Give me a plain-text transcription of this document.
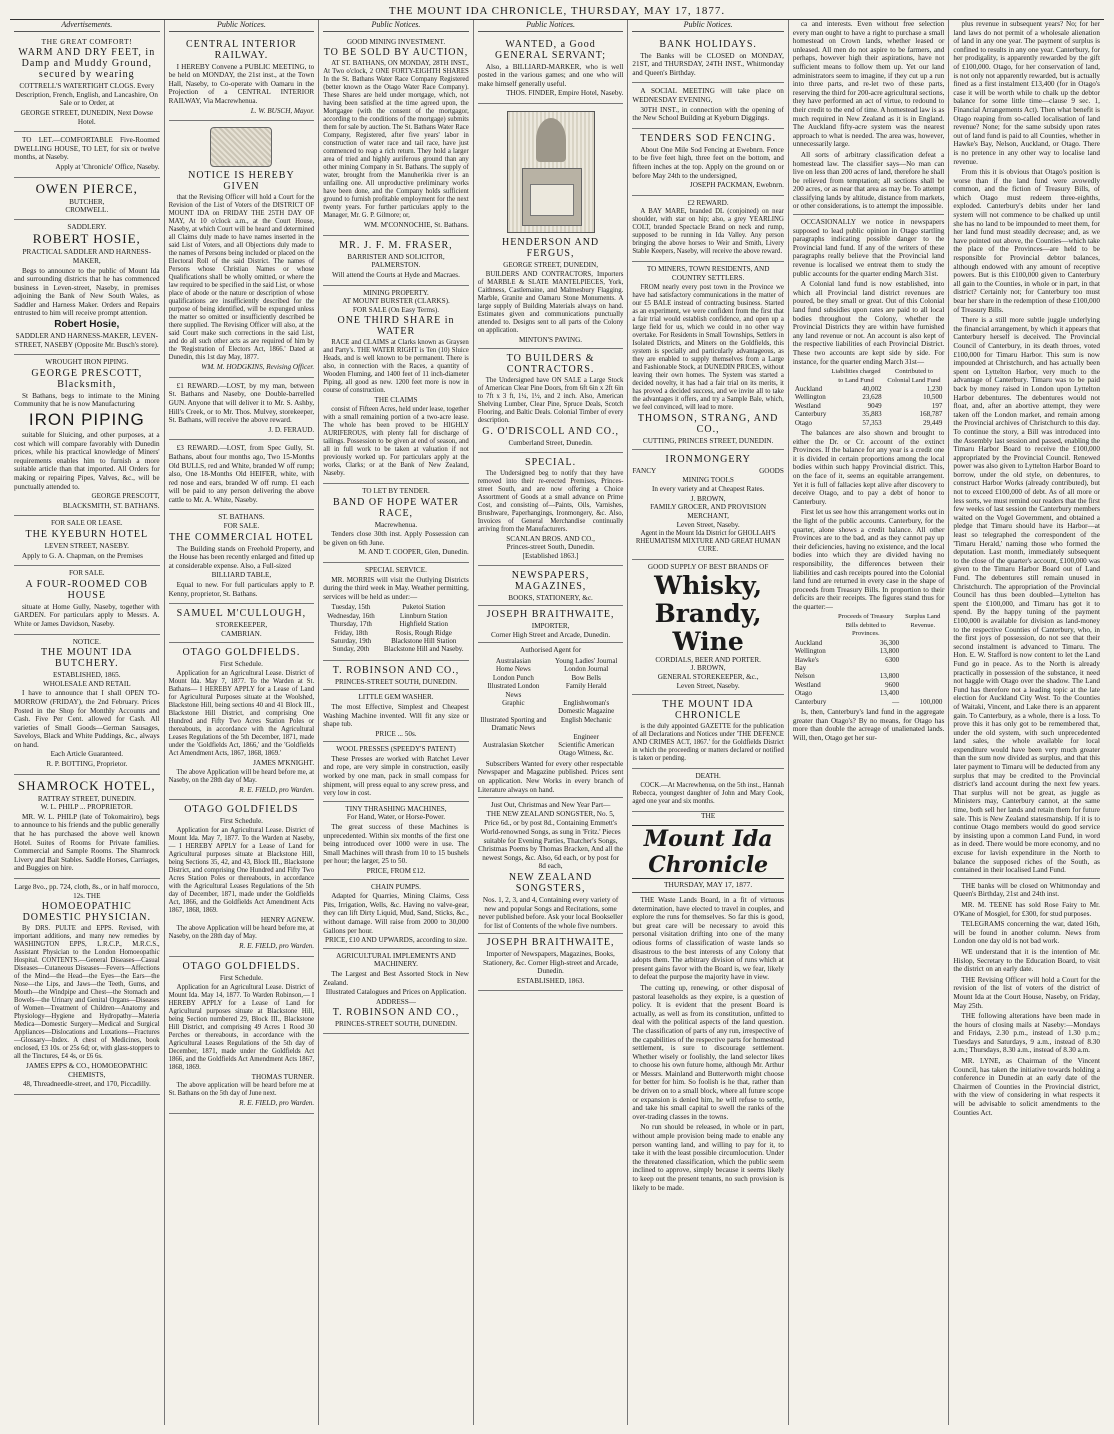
THE MOUNT IDA CHRONICLE, THURSDAY, MAY 17, 1877.
Advertisements.
THE GREAT COMFORT!
WARM AND DRY FEET, in Damp and Muddy Ground, secured by wearing

COTTRELL'S WATERTIGHT CLOGS. Every Description, French, English, and Lancashire, On Sale or to Order, at

GEORGE STREET, DUNEDIN, Next Dowse Hotel.

TO LET.—COMFORTABLE Five-Roomed DWELLING HOUSE, TO LET, for six or twelve months, at Naseby.

Apply at 'Chronicle' Office, Naseby.

OWEN PIERCE,
BUTCHER,
CROMWELL.
SADDLERY.
ROBERT HOSIE,
PRACTICAL SADDLER AND HARNESS-MAKER,

Begs to announce to the public of Mount Ida and surrounding districts that he has commenced business in Leven-street, Naseby, in premises adjoining the Bank of New South Wales, as Saddler and Harness Maker. Orders and Repairs entrusted to him will receive prompt attention.

Robert Hosie,

SADDLER AND HARNESS-MAKER, LEVEN-STREET, NASEBY (Opposite Mr. Busch's store).

WROUGHT IRON PIPING.
GEORGE PRESCOTT, Blacksmith,

St Bathans, begs to intimate to the Mining Community that he is now Manufacturing

IRON PIPING

suitable for Sluicing, and other purposes, at a cost which will compare favorably with Dunedin prices, while his practical knowledge of Miners' requirements enables him to furnish a more suitable article than that imported. All Orders for making or repairing Pipes, Valves, &c., will be punctually attended to.

GEORGE PRESCOTT,

BLACKSMITH, ST. BATHANS.

FOR SALE OR LEASE.
THE KYEBURN HOTEL
LEVEN STREET, NASEBY.

Apply to G. A. Chapman, on the Premises

FOR SALE.
A FOUR-ROOMED COB HOUSE

situate at Home Gully, Naseby, together with GARDEN. For particulars apply to Messrs. A. White or James Davidson, Naseby.

NOTICE.
THE MOUNT IDA BUTCHERY.
ESTABLISHED, 1865.
WHOLESALE AND RETAIL

I have to announce that I shall OPEN TO-MORROW (FRIDAY), the 2nd February. Prices Posted in the Shop for Monthly Accounts and Cash. Five Per Cent. allowed for Cash. All varieties of Small Goods—German Sausages, Saveloys, Black and White Puddings, &c., always on hand.

Each Article Guaranteed.

R. P. BOTTING, Proprietor.

SHAMROCK HOTEL,
RATTRAY STREET, DUNEDIN.
W. L. PHILP ... PROPRIETOR.

MR. W. L. PHILP (late of Tokomairiro), begs to announce to his friends and the public generally that he has purchased the above well known Hotel. Suites of Rooms for Private families. Commercial and Sample Rooms. The Shamrock Livery and Bait Stables. Saddle Horses, Carriages, and Buggies on hire.

Large 8vo., pp. 724, cloth, 8s., or in half morocco, 12s. THE

HOMOEOPATHIC DOMESTIC PHYSICIAN.

By DRS. PULTE and EPPS. Revised, with important additions, and many new remedies by WASHINGTON EPPS, L.R.C.P., M.R.C.S., Assistant Physician to the London Homoeopathic Hospital. CONTENTS.—General Diseases—Casual Diseases—Cutaneous Diseases—Fevers—Affections of the Mind—the Head—the Eyes—the Ears—the Nose—the Lips, and Jaws—the Teeth, Gums, and Mouth—the Windpipe and Chest—the Stomach and Bowels—the Urinary and Genital Organs—Diseases of Women—Treatment of Children—Anatomy and Physiology—Hygiene and Hydropathy—Materia Medica—Domestic Surgery—Medical and Surgical Appliances—Dislocations and Luxations—Fractures—Glossary—Index. A chest of Medicines, book enclosed, £3 10s. or 25s 6d; or, with glass-stoppers to all the Tinctures, £4 4s, or £6 6s.

JAMES EPPS & CO., HOMOEOPATHIC CHEMISTS,

48, Threadneedle-street, and 170, Piccadilly.

Public Notices.
CENTRAL INTERIOR RAILWAY.

I HEREBY Convene a PUBLIC MEETING, to be held on MONDAY, the 21st inst., at the Town Hall, Naseby, to Co-operate with Oamaru in the Projection of a CENTRAL INTERIOR RAILWAY, Via Macrewhenua.

L. W. BUSCH, Mayor.

NOTICE IS HEREBY GIVEN

that the Revising Officer will hold a Court for the Revision of the List of Voters of the DISTRICT OF MOUNT IDA on FRIDAY THE 25TH DAY OF MAY, At 10 o'clock a.m., at the Court House, Naseby, at which Court will be heard and determined all Claims duly made to have names inserted in the said List of Voters, and all Objections duly made to the names of Persons being included or placed on the Electoral Roll of the said District. The names of Persons whose Christian Names or whose Qualifications shall be wholly omitted, or where the law required to be specified in the said List, or whose place of abode or the nature or description of whose qualifications are insufficiently described for the purpose of being identified, will be expunged unless the matter so omitted or insufficiently described be there supplied. The Revising Officer will also, at the said Court make such corrections in the said List, and do all such other acts as are required of him by the 'Registration of Electors Act, 1866.' Dated at Dunedin, this 1st day May, 1877.

WM. M. HODGKINS, Revising Officer.

£1 REWARD.—LOST, by my man, between St. Bathans and Naseby, one Double-barrelled GUN. Anyone that will deliver it to Mr. S. Ashby, Hill's Creek, or to Mr. Thos. Mulvey, storekeeper, St. Bathans, will receive the above reward.

J. D. FERAUD.

£3 REWARD.—LOST, from Spec Gully, St. Bathans, about four months ago, Two 15-Months Old BULLS, red and White, branded W off rump; also, One 18-Months Old HEIFER, white, with red nose and ears, branded W off rump. £1 each will be paid to any person delivering the above cattle to Mr. A. White, Naseby.

ST. BATHANS.
FOR SALE.
THE COMMERCIAL HOTEL

The Building stands on Freehold Property, and the House has been recently enlarged and fitted up at considerable expense. Also, a Full-sized

BILLIARD TABLE,

Equal to new. For full particulars apply to P. Kenny, proprietor, St. Bathans.

SAMUEL M'CULLOUGH,
STOREKEEPER,
CAMBRIAN.
OTAGO GOLDFIELDS.
First Schedule.

Application for an Agricultural Lease. District of Mount Ida. May 7, 1877. To the Warden at St. Bathans— I HEREBY APPLY for a Lease of Land for Agricultural Purposes situate at the Woolshed, Blackstone Hill, being sections 40 and 41 Block III., Blackstone Hill District, and comprising One Hundred and Fifty Two Acres Station Poles or thereabouts, in accordance with the Agricultural Leases Regulations of the 5th December, 1871, made under the 'Goldfields Act, 1866,' and the 'Goldfields Act Amendment Acts, 1867, 1868, 1869.'

JAMES M'KNIGHT.

The above Application will be heard before me, at Naseby, on the 28th day of May.

R. E. FIELD, pro Warden.

OTAGO GOLDFIELDS
First Schedule.

Application for an Agricultural Lease. District of Mount Ida. May 7, 1877. To the Warden at Naseby,— I HEREBY APPLY for a Lease of Land for Agricultural purposes situate at Blackstone Hill, being Sections 35, 42, and 43, Block III., Blackstone District, and comprising One Hundred and Fifty Two Acres Station Poles or thereabouts, in accordance with the Agricultural Leases Regulations of the 5th day of December, 1871, made under the Goldfields Act, 1866, and the Goldfields Act Amendment Acts 1867, 1868, 1869.

HENRY AGNEW.

The above Application will be heard before me, at Naseby, on the 28th day of May.

R. E. FIELD, pro Warden.

OTAGO GOLDFIELDS.
First Schedule.

Application for an Agricultural Lease. District of Mount Ida. May 14, 1877. To Warden Robinson,— I HEREBY APPLY for a Lease of Land for Agricultural purposes situate at Blackstone Hill, being Section numbered 29, Block III., Blackstone Hill District, and comprising 49 Acres 1 Rood 30 Perches or thereabouts, in accordance with the Agricultural Leases Regulations of the 5th day of December, 1871, made under the Goldfields Act 1866, and the Goldfields Act Amendment Acts 1867, 1868, 1869.

THOMAS TURNER.

The above application will be heard before me at St. Bathans on the 5th day of June next.

R. E. FIELD, pro Warden.

Public Notices.
GOOD MINING INVESTMENT.
TO BE SOLD BY AUCTION,

AT ST. BATHANS, ON MONDAY, 28TH INST., At Two o'clock, 2 ONE FORTY-EIGHTH SHARES In the St. Bathans Water Race Company Registered (better known as the Otago Water Race Company). These Shares are held under mortgage, which, not having been satisfied at the time agreed upon, the Mortgagee (with the consent of the mortgagor, according to the conditions of the mortgage) submits them for sale by auction. The St. Bathans Water Race Company, Registered, after five years' labor in construction of water race and tail race, have just commenced to reap a rich return. They hold a larger area of tried and highly auriferous ground than any other mining Company in St. Bathans. The supply of water, brought from the Manuherikia river is an unfailing one. All unproductive preliminary works have been done, and the Company holds sufficient ground to furnish profitable employment for the next twenty years. For further particulars apply to the Manager, Mr. G. P. Gilmore; or,

WM. M'CONNOCHIE, St. Bathans.

MR. J. F. M. FRASER,
BARRISTER AND SOLICITOR,
PALMERSTON.

Will attend the Courts at Hyde and Macraes.

MINING PROPERTY.
AT MOUNT BURSTER (CLARKS).
FOR SALE (On Easy Terms).
ONE THIRD SHARE in WATER

RACE and CLAIMS at Clarks known as Graysen and Party's. THE WATER RIGHT is Ten (10) Sluice Heads, and is well known to be permanent. There is also, in connection with the Races, a quantity of Wooden Fluming, and 1400 feet of 11 inch-diameter Piping, all good as new. 1200 feet more is now in course of construction.

THE CLAIMS

consist of Fifteen Acres, held under lease, together with a small remaining portion of a two-acre lease. The whole has been proved to be HIGHLY AURIFEROUS, with plenty fall for discharge of tailings. Possession to be given at end of season, and all in full work to be taken at valuation if not previously worked up. For particulars apply at the works, Clarks; or at the Bank of New Zealand, Naseby.

TO LET BY TENDER.
BAND OF HOPE WATER RACE,
Macrewhenua.

Tenders close 30th inst. Apply Possession can be given on 6th June.

M. AND T. COOPER, Glen, Dunedin.

SPECIAL SERVICE.

MR. MORRIS will visit the Outlying Districts during the third week in May. Weather permitting, services will be held as under:—

Tuesday, 15th	Puketoi Station
Wednesday, 16th	Linnburn Station
Thursday, 17th	Highfield Station
Friday, 18th	Rosis, Rough Ridge
Saturday, 19th	Blackstone Hill Station
Sunday, 20th	Blackstone Hill and Naseby.
T. ROBINSON AND CO.,
PRINCES-STREET SOUTH, DUNEDIN.
LITTLE GEM WASHER.

The most Effective, Simplest and Cheapest Washing Machine invented. Will fit any size or shape tub.

PRICE ... 50s.

WOOL PRESSES (SPEEDY'S PATENT)

These Presses are worked with Ratchet Lever and rope, are very simple in construction, easily worked by one man, pack in small compass for shipment, will press equal to any screw press, and very low in cost.

TINY THRASHING MACHINES,
For Hand, Water, or Horse-Power.

The great success of these Machines is unprecedented. Within six months of the first one being introduced over 1000 were in use. The Small Machines will thrash from 10 to 15 bushels per hour; the larger, 25 to 50.

PRICE, FROM £12.

CHAIN PUMPS.

Adapted for Quarries, Mining Claims, Cess Pits, Irrigation, Wells, &c. Having no valve-gear, they can lift Dirty Liquid, Mud, Sand, Sticks, &c., without damage. Will raise from 2000 to 30,000 Gallons per hour.

PRICE, £10 AND UPWARDS, according to size.

AGRICULTURAL IMPLEMENTS AND MACHINERY.

The Largest and Best Assorted Stock in New Zealand.

Illustrated Catalogues and Prices on Application.

ADDRESS—
T. ROBINSON AND CO.,
PRINCES-STREET SOUTH, DUNEDIN.
Public Notices.
WANTED, a Good GENERAL SERVANT;

Also, a BILLIARD-MARKER, who is well posted in the various games; and one who will make himself generally useful.

THOS. FINDER, Empire Hotel, Naseby.

HENDERSON AND FERGUS,
GEORGE STREET, DUNEDIN,

BUILDERS AND CONTRACTORS, Importers of MARBLE & SLATE MANTELPIECES, York, Caithness, Castlemaine, and Malmesbury Flagging. Marble, Granite and Oamaru Stone Monuments. A large supply of Building Materials always on hand. Estimates given and communications punctually attended to. Designs sent to all parts of the Colony on application.

MINTON'S PAVING.
TO BUILDERS & CONTRACTORS.

The Undersigned have ON SALE a Large Stock of American Clear Pine Doors, from 6ft 6in x 2ft 6in to 7ft x 3 ft, 1¼, 1½, and 2 inch. Also, American Shelving Lumber, Clear Pine, Spruce Deals, Scotch Flooring, and Baltic Deals. Colonial Timber of every description.

G. O'DRISCOLL AND CO.,
Cumberland Street, Dunedin.
SPECIAL.

The Undersigned beg to notify that they have removed into their re-erected Premises, Princes-street South, and are now offering a Choice Assortment of Goods at a small advance on Prime Cost, and consisting of—Paints, Oils, Varnishes, Brushware, Paperhangings, Ironmongery, &c. Also, Invoices of General Merchandise continually arriving from the Manufacturers.

SCANLAN BROS. AND CO.,
Princes-street South, Dunedin.
[Established 1863.]
NEWSPAPERS, MAGAZINES,
BOOKS, STATIONERY, &c.
JOSEPH BRAITHWAITE,
IMPORTER,
Corner High Street and Arcade, Dunedin.
Authorised Agent for
Australasian	Young Ladies' Journal
Home News	London Journal
London Punch	Bow Bells
Illustrated London News	Family Herald
Graphic	Englishwoman's Domestic Magazine
Illustrated Sporting and Dramatic News	English Mechanic
	Engineer
Australasian Sketcher	Scientific American
	Otago Witness, &c.

Subscribers Wanted for every other respectable Newspaper and Magazine published. Prices sent on application. New Works in every branch of Literature always on hand.

Just Out, Christmas and New Year Part—
THE NEW ZEALAND SONGSTER, No. 5,

Price 6d., or by post 8d., Containing Emmett's World-renowned Songs, as sung in 'Fritz.' Pieces suitable for Evening Parties, Thatcher's Songs, Christmas Poems by Thomas Bracken, And all the newest Songs, &c. Also, 6d each, or by post for 8d each,

NEW ZEALAND SONGSTERS,

Nos. 1, 2, 3, and 4, Containing every variety of new and popular Songs and Recitations, some never published before. Ask your local Bookseller for list of Contents of the whole five numbers.

JOSEPH BRAITHWAITE,

Importer of Newspapers, Magazines, Books, Stationery, &c. Corner High-street and Arcade, Dunedin.

ESTABLISHED, 1863.
Public Notices.
BANK HOLIDAYS.

The Banks will be CLOSED on MONDAY, 21ST, and THURSDAY, 24TH INST., Whitmonday and Queen's Birthday.

A SOCIAL MEETING will take place on WEDNESDAY EVENING,

30TH INST., in connection with the opening of the New School Building at Kyeburn Diggings.

TENDERS SOD FENCING.

About One Mile Sod Fencing at Ewebnrn. Fence to be five feet high, three feet on the bottom, and fifteen inches at the top. Apply on the ground on or before May 24th to the undersigned,

JOSEPH PACKMAN, Ewebnrn.

£2 REWARD.

A BAY MARE, branded DL (conjoined) on near shoulder, with star on hip; also, a grey YEARLING COLT, branded Spectacle Brand on neck and rump, supposed to be running in Ida Valley. Any person bringing the above horses to Weir and Smith, Livery Stable Keepers, Naseby, will receive the above reward.

TO MINERS, TOWN RESIDENTS, AND COUNTRY SETTLERS.

FROM nearly every post town in the Province we have had satisfactory communications in the matter of our £5 BALE instead of contracting business. Started as an experiment, we were confident from the first that a fair trial would establish confidence, and open up a large field for us, which we could in no other way overtake. For Residents in Small Townships, Settlers in Isolated Districts, and Miners on the Goldfields, this system is specially and particularly advantageous, as they are enabled to supply themselves from a Large and Fashionable Stock, at DUNEDIN PRICES, without leaving their own homes. The System was started a decided novelty, it has had a fair trial on its merits, it has proved a decided success, and we invite all to take the advantages it offers, and try a Sample Bale, which, we feel convinced, will lead to more.

THOMSON, STRANG, AND CO.,
CUTTING, PRINCES STREET, DUNEDIN.
IRONMONGERY
FANCY	GOODS
MINING TOOLS

In every variety and at Cheapest Rates.

J. BROWN,
FAMILY GROCER, AND PROVISION MERCHANT,
Leven Street, Naseby.

Agent in the Mount Ida District for GHOLLAH'S RHEUMATISM MIXTURE AND GREAT HUMAN CURE.

GOOD SUPPLY OF BEST BRANDS OF
Whisky, Brandy, Wine
CORDIALS, BEER AND PORTER.
J. BROWN,
GENERAL STOREKEEPER, &c.,
Leven Street, Naseby.
THE MOUNT IDA CHRONICLE

is the duly appointed GAZETTE for the publication of all Declarations and Notices under 'THE DEFENCE AND CRIMES ACT, 1867.' for the Goldfields District in which the proceeding or matters declared or notified is taken or pending.

DEATH.

COCK.—At Macrewhenua, on the 5th inst., Hannah Rebecca, youngest daughter of John and Mary Cook, aged one year and six months.

THE
Mount Ida Chronicle
THURSDAY, MAY 17, 1877.

THE Waste Lands Board, in a fit of virtuous determination, have elected to travel in couples, and explore the runs for themselves. So far this is good, but great care will be necessary to avoid this personal visitation drifting into one of the many odious forms of classification of waste lands so disastrous to the best interests of any Colony that adopts them. The arbitrary division of runs which at present gains favor with the Board is, we fear, likely to defeat the purpose the majority have in view.

The cutting up, renewing, or other disposal of pastoral leaseholds as they expire, is a question of policy. It is evident that the present Board is actually, as well as from its constitution, unfitted to deal with the political aspects of the land question. The classification of parts of any run, irrespective of the capabilities of the respective parts for homestead settlement, is sure to discourage settlement. Whether wisely or foolishly, the land selector likes to choose his own future home, although Mr. Arthur or Messrs. Mainland and Butterworth might choose for better for him. So foolish is he that, rather than be driven on to a small block, where all future scope or expansion is denied him, he will refuse to settle, and take his small capital to swell the ranks of the over-trading classes in the towns.

No run should be released, in whole or in part, without ample provision being made to enable any person wanting land, and willing to pay for it, to take it with the least possible circumlocution. Under the threatened classification, which the public seem inclined to approve, simply because it seems likely to keep out the present tenants, no such provision is likely to be made.

ca and interests. Even without free selection every man ought to have a right to purchase a small homestead on Crown lands, whether leased or unleased. All men do not aspire to be farmers, and perhaps, however high their aspirations, have not sufficient means to follow them up. Yet our land administrators seem to imagine, if they cut up a run into three parts, and re-let two of these parts, reserving the third for 200-acre agricultural sections, they have performed an act of virtue, to redound to their credit to the end of time. A homestead law is as much required in New Zealand as it is in England. The Auckland fifty-acre system was the nearest approach to what is needed. The area was, however, unnecessarily large.

All sorts of arbitrary classification defeat a homestead law. The classifier says—No man can live on less than 200 acres of land, therefore he shall be relieved from temptation; all sections shall be 200 acres, or as near that area as may be. To attempt classifying lands by altitude, distance from markets, or other considerations, is to attempt the impossible.

OCCASIONALLY we notice in newspapers supposed to lead public opinion in Otago startling paragraphs indicating possible danger to the Provincial land fund. If any of the writers of these paragraphs really believe that the Provincial land revenue is localised we entreat them to study the public accounts for the quarter ending March 31st.

A Colonial land fund is now established, into which all Provincial land district revenues are poured, be they small or great. Out of this Colonial land fund subsidies upon rates are paid to all local bodies throughout the Colony, whether the Provincial Districts they are within have furnished any land revenue or not. An account is also kept of the respective liabilities of each Provincial District. These two accounts are kept side by side. For instance, for the quarter ending March 31st—

	Liabilities charged to Land Fund	Contributed to Colonial Land Fund
Auckland	40,002	1,230
Wellington	23,628	10,500
Westland	9049	197
Canterbury	35,883	168,787
Otago	57,353	29,449

The balances are also shown and brought to either the Dr. or Cr. account of the extinct Provinces. If the balance for any year is a credit one it is divided in certain proportions among the local bodies within such happy Provincial district. This, on the face of it, seems an equitable arrangement. Yet it is full of fallacies kept alive after discovery to deceive Otago, and to pay a debt of honor to Canterbury.

First let us see how this arrangement works out in the light of the public accounts. Canterbury, for the quarter, alone shows a credit balance. All other Provinces are to the bad, and as they cannot pay up their deficiencies, having no existence, and the local bodies into which they are divided having no responsibility, the differences between their liabilities and cash receipts poured into the Colonial land fund are returned in every case in the shape of proceeds from Treasury Bills. In proportion to their deficits are their receipts. The figures stand thus for the quarter:—

	Proceeds of Treasury Bills debited to Provinces.	Surplus Land Revenue.
Auckland	36,300	
Wellington	13,800	
Hawke's Bay	6300	
Nelson	13,800	
Westland	9600	
Otago	13,400	
Canterbury	—	100,000

Is, then, Canterbury's land fund in the aggregate greater than Otago's? By no means, for Otago has more than double the acreage of unalienated lands. Will, then, Otago get her sur-

plus revenue in subsequent years? No; for her land laws do not permit of a wholesale alienation of land in any one year. The payment of surplus is confined to results in any one year. Canterbury, for her prodigality, is apparently rewarded by the gift of £100,000. Otago, for her conservation of land, is not only not apparently rewarded, but is actually fined as a first instalment £13,400 (for in Otago's case it will be worth while to chalk up the debtor balance for some little time—clause 9 sec. 1, Financial Arrangements Act). Then what benefit is Otago reaping from so-called localisation of land revenue? None; for the same subsidy upon rates out of land fund is paid to all Counties, whether in Hawke's Bay, Nelson, Auckland, or Otago. There is no pretence in any other way to localise land revenue.

From this it is obvious that Otago's position is worse than if the land fund were avowedly common, and the fiction of Treasury Bills, of which Otago must redeem three-eighths, exploded. Canterbury's debits under her land system will not commence to be chalked up until she has no land to be impounded to meet them, for her land fund must steadily decrease; and, as we have pointed out above, the Counties—which take the place of the Provinces—are held to be responsible for Provincial debtor balances, although endowed with any amount of receptive powers. But is this £100,000 given to Canterbury all gain to the Counties, in whole or in part, in that district? Certainly not; for Canterbury too must bear her share in the redemption of these £100,000 of Treasury Bills.

There is a still more subtle juggle underlying the financial arrangement, by which it appears that Canterbury herself is deceived. The Provincial Council of Canterbury, in its death throes, voted £100,000 for Timaru Harbor. This sum is now impounded at Christchurch, and has actually been spent on Lyttelton Harbor, very much to the advantage of Canterbury. Timaru was to be paid back by money raised in London upon Lyttelton Harbor debentures. The debentures would not float, and, after an abortive attempt, they were taken off the London market, and remain among the Provincial archives of Christchurch to this day. To continue the story, a Bill was introduced into the Assembly last session and passed, enabling the Timaru Harbor Board to receive the £100,000 appropriated by the Provincial Council. Renewed power was also given to Lyttelton Harbor Board to borrow, under the old style, on debentures, to construct Harbor Works (already contributed), but not to exceed £100,000 of debt. As of all more or less sorts, we must remind our readers that the first few weeks of last session the Canterbury members waited on the Vogel Government, and obtained a pledge that Timaru should have its Harbor—at least so telegraphed the correspondent of the 'Timaru Herald,' naming those who formed the deputation. Last month, immediately subsequent to the close of the quarter's account, £100,000 was given to the Timaru Harbor Board out of Land Fund. The debentures still remain unused in Christchurch. The appropriation of the Provincial Council has thus been doubled—Lyttelton has spent the £100,000, and Timaru has got it to spend. By the happy tuning of the payment £100,000 is available for division as land-money to the respective Counties of Canterbury, who, in the first joys of possession, do not see that their second instalment is advanced to Timaru. The Hon. E. W. Stafford is now content to let the Land Fund go in peace. As to the North is already practically in possession of the substance, it need not haggle with Otago over the shadow. The Land Fund has therefore not a leading topic at the late election for Auckland City West. To the Counties of Waitaki, Vincent, and Lake there is an apparent gain. To Canterbury, as a whole, there is a loss. To prove this it has only got to be remembered that, under the old system, with such unprecedented land sales, the whole available for local expenditure would have been very much greater than the sum now divided as surplus, and that this later payment to Timaru will be deducted from any surplus that may be credited to the Provincial district's land account during the next few years. That surplus will not be great, as juggle as Ministers may, Canterbury cannot, at the same time, both sell her lands and retain them for future sale. This is New Zealand statesmanship. If it is to continue Otago members would do good service by insisting upon a common Land Fund, in word as in deed. There would be more economy, and no excuse for lavish expenditure in the North to balance the supposed riches of the South, as contained in their localised Land Fund.

THE banks will be closed on Whitmonday and Queen's Birthday, 21st and 24th inst.

MR. M. TEENE has sold Rose Fairy to Mr. O'Kane of Mosgiel, for £300, for stud purposes.

TELEGRAMS concerning the war, dated 16th, will be found in another column. News from London one day old is not bad work.

WE understand that it is the intention of Mr. Hislop, Secretary to the Education Board, to visit the district on an early date.

THE Revising Officer will hold a Court for the revision of the list of voters of the district of Mount Ida at the Court House, Naseby, on Friday, May 25th.

THE following alterations have been made in the hours of closing mails at Naseby:—Mondays and Fridays, 2.30 p.m., instead of 1.30 p.m.; Tuesdays and Saturdays, 9 a.m., instead of 8.30 a.m.; Thursdays, 8.30 a.m., instead of 8.30 a.m.

MR. LYNE, as Chairman of the Vincent Council, has taken the initiative towards holding a conference in Dunedin at an early date of the Chairmen of Counties in the Provincial district, with the view of considering in what respects it will be advisable to solicit amendments to the Counties Act.
